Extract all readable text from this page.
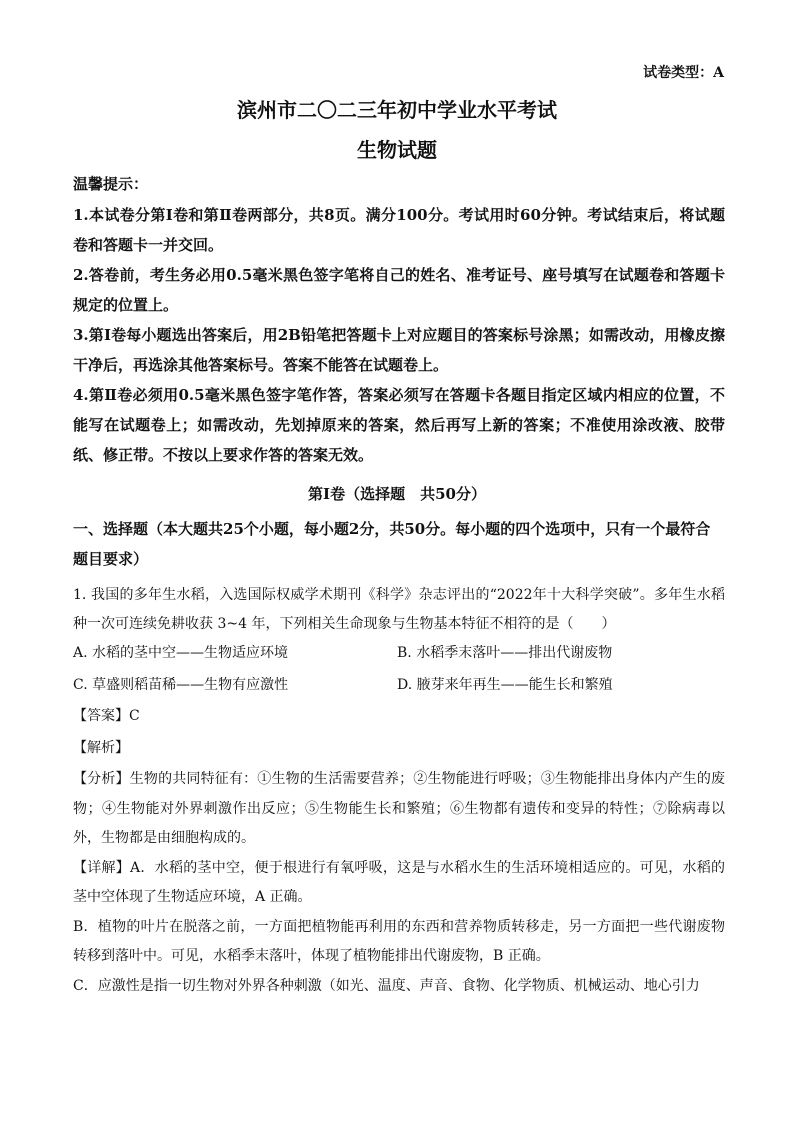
试卷类型：A
滨州市二〇二三年初中学业水平考试
生物试题
温馨提示：

1.本试卷分第Ⅰ卷和第Ⅱ卷两部分，共8页。满分100分。考试用时60分钟。考试结束后，将试题卷和答题卡一并交回。

2.答卷前，考生务必用0.5毫米黑色签字笔将自己的姓名、准考证号、座号填写在试题卷和答题卡规定的位置上。

3.第Ⅰ卷每小题选出答案后，用2B铅笔把答题卡上对应题目的答案标号涂黑；如需改动，用橡皮擦干净后，再选涂其他答案标号。答案不能答在试题卷上。

4.第Ⅱ卷必须用0.5毫米黑色签字笔作答，答案必须写在答题卡各题目指定区域内相应的位置，不能写在试题卷上；如需改动，先划掉原来的答案，然后再写上新的答案；不准使用涂改液、胶带纸、修正带。不按以上要求作答的答案无效。

第Ⅰ卷（选择题　共50分）

一、选择题（本大题共25个小题，每小题2分，共50分。每小题的四个选项中，只有一个最符合题目要求）

1. 我国的多年生水稻，入选国际权威学术期刊《科学》杂志评出的“2022年十大科学突破”。多年生水稻种一次可连续免耕收获 3~4 年，下列相关生命现象与生物基本特征不相符的是（　　）

A. 水稻的茎中空——生物适应环境	B. 水稻季末落叶——排出代谢废物
C. 草盛则稻苗稀——生物有应激性	D. 腋芽来年再生——能生长和繁殖
【答案】C
【解析】

【分析】生物的共同特征有：①生物的生活需要营养；②生物能进行呼吸；③生物能排出身体内产生的废物；④生物能对外界刺激作出反应；⑤生物能生长和繁殖；⑥生物都有遗传和变异的特性；⑦除病毒以外，生物都是由细胞构成的。

【详解】A．水稻的茎中空，便于根进行有氧呼吸，这是与水稻水生的生活环境相适应的。可见，水稻的茎中空体现了生物适应环境，A 正确。

B．植物的叶片在脱落之前，一方面把植物能再利用的东西和营养物质转移走，另一方面把一些代谢废物转移到落叶中。可见，水稻季末落叶，体现了植物能排出代谢废物，B 正确。

C．应激性是指一切生物对外界各种刺激（如光、温度、声音、食物、化学物质、机械运动、地心引力
